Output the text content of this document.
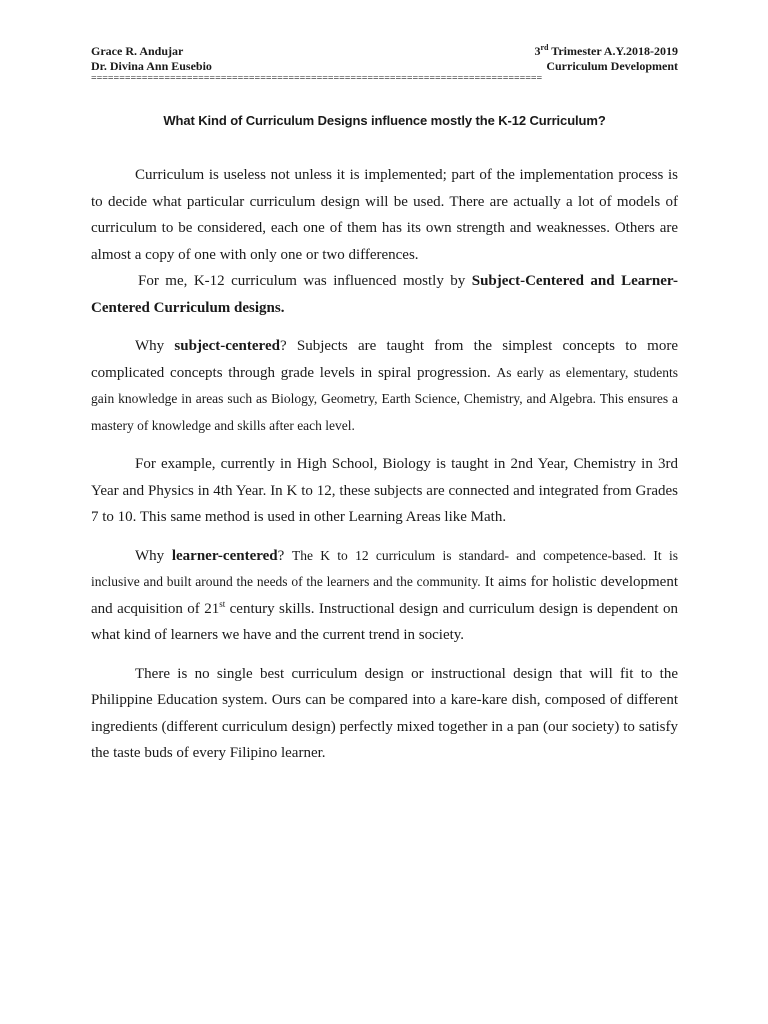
Grace R. Andujar	3rd Trimester A.Y.2018-2019
Dr. Divina Ann Eusebio	Curriculum Development
================================================================================
What Kind of Curriculum Designs influence mostly the K-12 Curriculum?

Curriculum is useless not unless it is implemented; part of the implementation process is to decide what particular curriculum design will be used. There are actually a lot of models of curriculum to be considered, each one of them has its own strength and weaknesses. Others are almost a copy of one with only one or two differences.

For me, K-12 curriculum was influenced mostly by Subject-Centered and Learner-Centered Curriculum designs.

Why subject-centered? Subjects are taught from the simplest concepts to more complicated concepts through grade levels in spiral progression. As early as elementary, students gain knowledge in areas such as Biology, Geometry, Earth Science, Chemistry, and Algebra. This ensures a mastery of knowledge and skills after each level.

For example, currently in High School, Biology is taught in 2nd Year, Chemistry in 3rd Year and Physics in 4th Year. In K to 12, these subjects are connected and integrated from Grades 7 to 10. This same method is used in other Learning Areas like Math.

Why learner-centered? The K to 12 curriculum is standard- and competence-based. It is inclusive and built around the needs of the learners and the community. It aims for holistic development and acquisition of 21st century skills. Instructional design and curriculum design is dependent on what kind of learners we have and the current trend in society.

There is no single best curriculum design or instructional design that will fit to the Philippine Education system. Ours can be compared into a kare-kare dish, composed of different ingredients (different curriculum design) perfectly mixed together in a pan (our society) to satisfy the taste buds of every Filipino learner.
